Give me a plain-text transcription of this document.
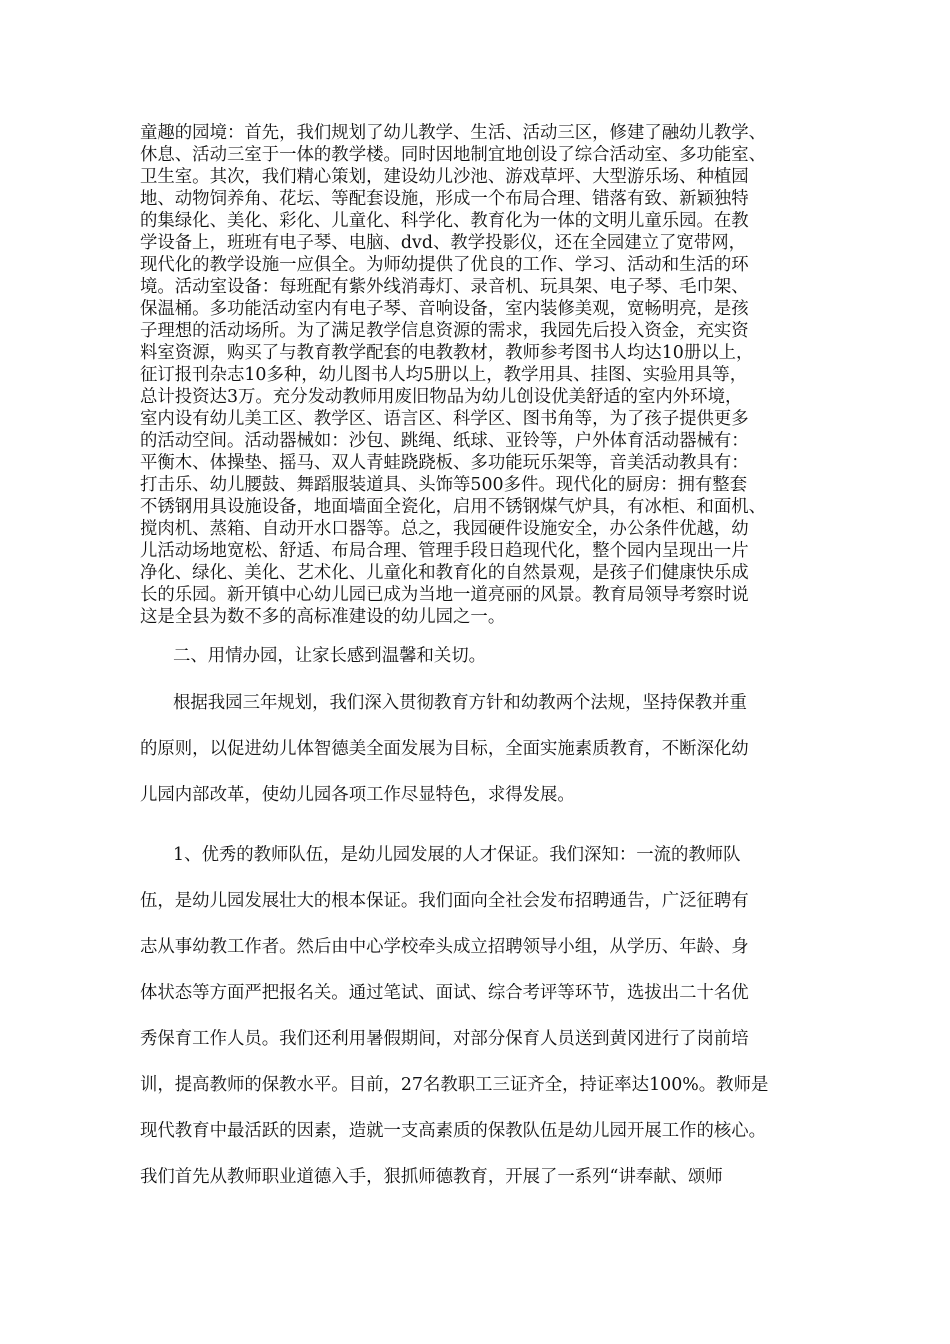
童趣的园境：首先，我们规划了幼儿教学、生活、活动三区，修建了融幼儿教学、
休息、活动三室于一体的教学楼。同时因地制宜地创设了综合活动室、多功能室、
卫生室。其次，我们精心策划，建设幼儿沙池、游戏草坪、大型游乐场、种植园
地、动物饲养角、花坛、等配套设施，形成一个布局合理、错落有致、新颖独特
的集绿化、美化、彩化、儿童化、科学化、教育化为一体的文明儿童乐园。在教
学设备上，班班有电子琴、电脑、dvd、教学投影仪，还在全园建立了宽带网，
现代化的教学设施一应俱全。为师幼提供了优良的工作、学习、活动和生活的环
境。活动室设备：每班配有紫外线消毒灯、录音机、玩具架、电子琴、毛巾架、
保温桶。多功能活动室内有电子琴、音响设备，室内装修美观，宽畅明亮，是孩
子理想的活动场所。为了满足教学信息资源的需求，我园先后投入资金，充实资
料室资源，购买了与教育教学配套的电教教材，教师参考图书人均达10册以上，
征订报刊杂志10多种，幼儿图书人均5册以上，教学用具、挂图、实验用具等，
总计投资达3万。充分发动教师用废旧物品为幼儿创设优美舒适的室内外环境，
室内设有幼儿美工区、教学区、语言区、科学区、图书角等，为了孩子提供更多
的活动空间。活动器械如：沙包、跳绳、纸球、亚铃等，户外体育活动器械有：
平衡木、体操垫、摇马、双人青蛙跷跷板、多功能玩乐架等，音美活动教具有：
打击乐、幼儿腰鼓、舞蹈服装道具、头饰等500多件。现代化的厨房：拥有整套
不锈钢用具设施设备，地面墙面全瓷化，启用不锈钢煤气炉具，有冰柜、和面机、
搅肉机、蒸箱、自动开水口器等。总之，我园硬件设施安全，办公条件优越，幼
儿活动场地宽松、舒适、布局合理、管理手段日趋现代化，整个园内呈现出一片
净化、绿化、美化、艺术化、儿童化和教育化的自然景观，是孩子们健康快乐成
长的乐园。新开镇中心幼儿园已成为当地一道亮丽的风景。教育局领导考察时说
这是全县为数不多的高标准建设的幼儿园之一。
二、用情办园，让家长感到温馨和关切。
根据我园三年规划，我们深入贯彻教育方针和幼教两个法规，坚持保教并重
的原则，以促进幼儿体智德美全面发展为目标，全面实施素质教育，不断深化幼
儿园内部改革，使幼儿园各项工作尽显特色，求得发展。
1、优秀的教师队伍，是幼儿园发展的人才保证。我们深知：一流的教师队
伍，是幼儿园发展壮大的根本保证。我们面向全社会发布招聘通告，广泛征聘有
志从事幼教工作者。然后由中心学校牵头成立招聘领导小组，从学历、年龄、身
体状态等方面严把报名关。通过笔试、面试、综合考评等环节，选拔出二十名优
秀保育工作人员。我们还利用暑假期间，对部分保育人员送到黄冈进行了岗前培
训，提高教师的保教水平。目前，27名教职工三证齐全，持证率达100%。教师是
现代教育中最活跃的因素，造就一支高素质的保教队伍是幼儿园开展工作的核心。
我们首先从教师职业道德入手，狠抓师德教育，开展了一系列“讲奉献、颂师
